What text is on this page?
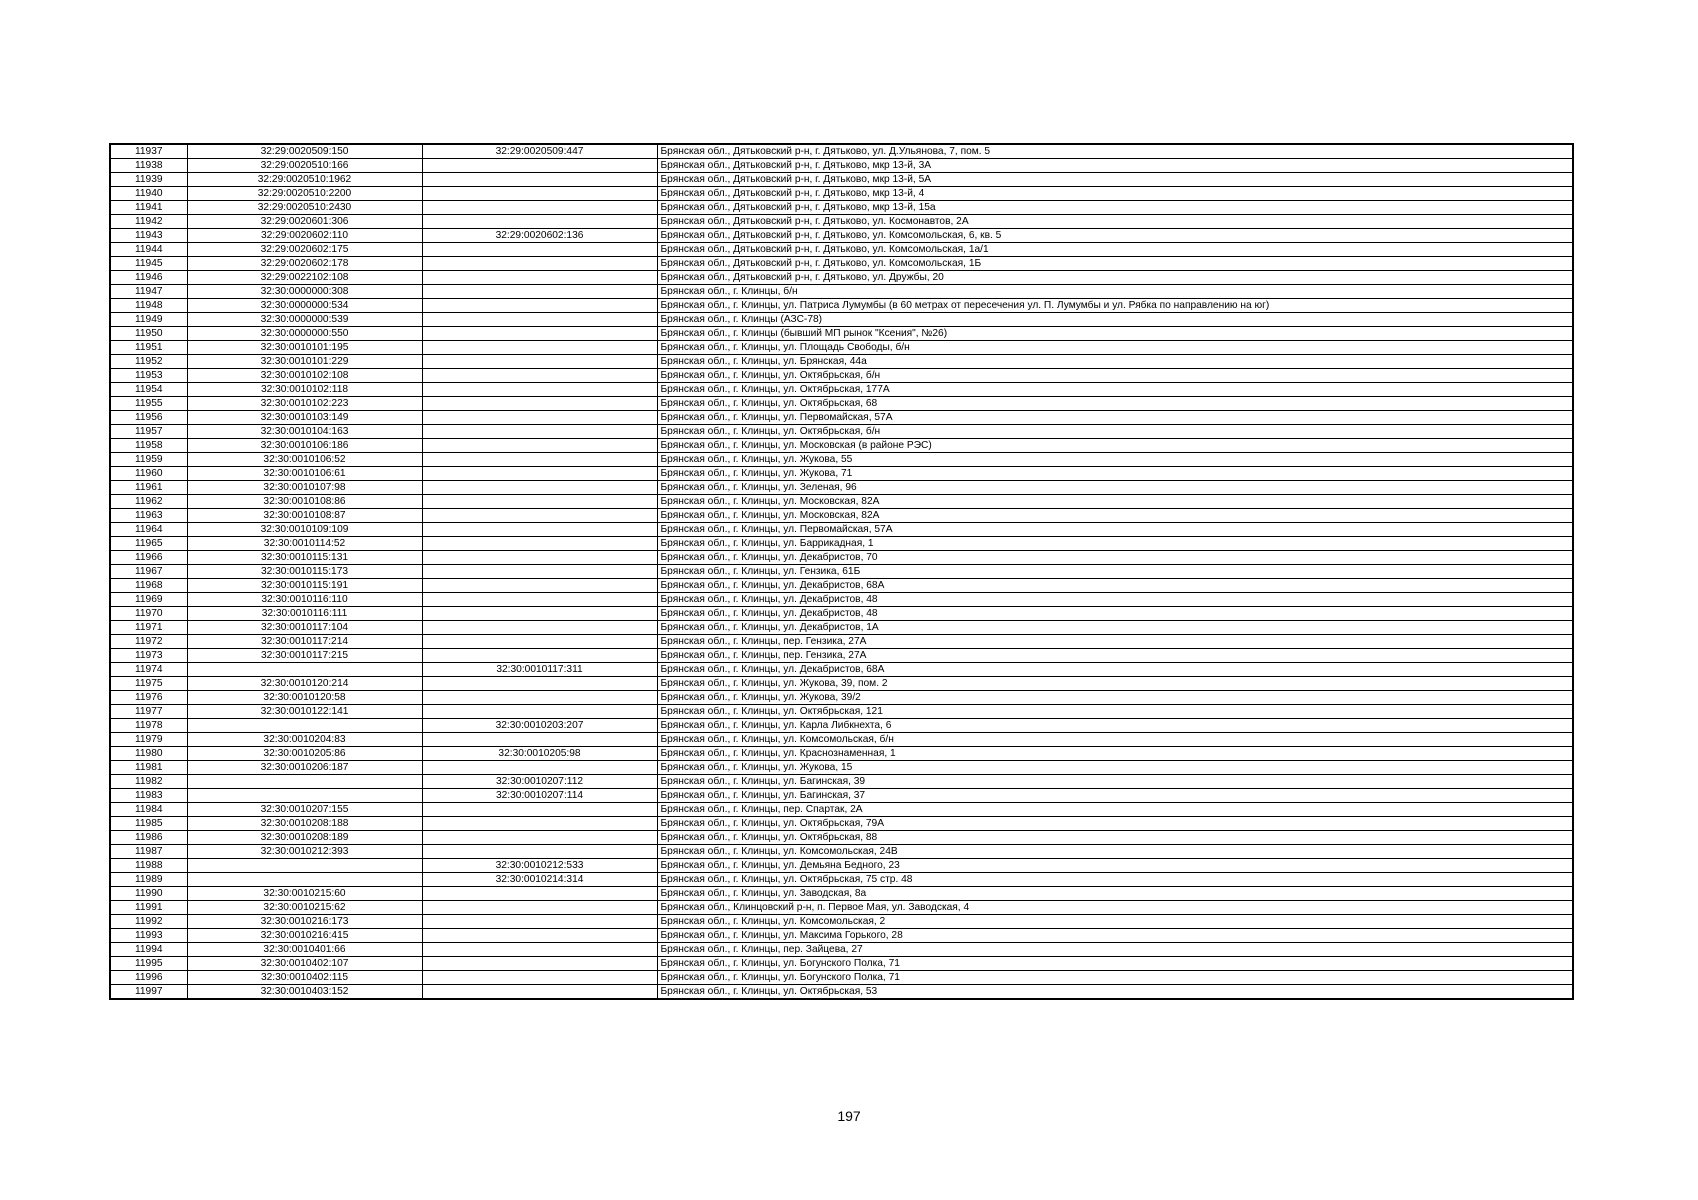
11937	32:29:0020509:150	32:29:0020509:447	Брянская обл., Дятьковский р-н, г. Дятьково, ул. Д.Ульянова, 7, пом. 5
11938	32:29:0020510:166		Брянская обл., Дятьковский р-н, г. Дятьково, мкр 13-й, 3А
11939	32:29:0020510:1962		Брянская обл., Дятьковский р-н, г. Дятьково, мкр 13-й, 5А
11940	32:29:0020510:2200		Брянская обл., Дятьковский р-н, г. Дятьково, мкр 13-й, 4
11941	32:29:0020510:2430		Брянская обл., Дятьковский р-н, г. Дятьково, мкр 13-й, 15а
11942	32:29:0020601:306		Брянская обл., Дятьковский р-н, г. Дятьково, ул. Космонавтов, 2А
11943	32:29:0020602:110	32:29:0020602:136	Брянская обл., Дятьковский р-н, г. Дятьково, ул. Комсомольская, 6, кв. 5
11944	32:29:0020602:175		Брянская обл., Дятьковский р-н, г. Дятьково, ул. Комсомольская, 1а/1
11945	32:29:0020602:178		Брянская обл., Дятьковский р-н, г. Дятьково, ул. Комсомольская, 1Б
11946	32:29:0022102:108		Брянская обл., Дятьковский р-н, г. Дятьково, ул. Дружбы, 20
11947	32:30:0000000:308		Брянская обл., г. Клинцы, б/н
11948	32:30:0000000:534		Брянская обл., г. Клинцы, ул. Патриса Лумумбы (в 60 метрах от пересечения ул. П. Лумумбы и ул. Рябка по направлению на юг)
11949	32:30:0000000:539		Брянская обл., г. Клинцы (АЗС-78)
11950	32:30:0000000:550		Брянская обл., г. Клинцы (бывший МП рынок "Ксения", №26)
11951	32:30:0010101:195		Брянская обл., г. Клинцы, ул. Площадь Свободы, б/н
11952	32:30:0010101:229		Брянская обл., г. Клинцы, ул. Брянская, 44а
11953	32:30:0010102:108		Брянская обл., г. Клинцы, ул. Октябрьская, б/н
11954	32:30:0010102:118		Брянская обл., г. Клинцы, ул. Октябрьская, 177А
11955	32:30:0010102:223		Брянская обл., г. Клинцы, ул. Октябрьская, 68
11956	32:30:0010103:149		Брянская обл., г. Клинцы, ул. Первомайская, 57А
11957	32:30:0010104:163		Брянская обл., г. Клинцы, ул. Октябрьская, б/н
11958	32:30:0010106:186		Брянская обл., г. Клинцы, ул. Московская (в районе РЭС)
11959	32:30:0010106:52		Брянская обл., г. Клинцы, ул. Жукова, 55
11960	32:30:0010106:61		Брянская обл., г. Клинцы, ул. Жукова, 71
11961	32:30:0010107:98		Брянская обл., г. Клинцы, ул. Зеленая, 96
11962	32:30:0010108:86		Брянская обл., г. Клинцы, ул. Московская, 82А
11963	32:30:0010108:87		Брянская обл., г. Клинцы, ул. Московская, 82А
11964	32:30:0010109:109		Брянская обл., г. Клинцы, ул. Первомайская, 57А
11965	32:30:0010114:52		Брянская обл., г. Клинцы, ул. Баррикадная, 1
11966	32:30:0010115:131		Брянская обл., г. Клинцы, ул. Декабристов, 70
11967	32:30:0010115:173		Брянская обл., г. Клинцы, ул. Гензика, 61Б
11968	32:30:0010115:191		Брянская обл., г. Клинцы, ул. Декабристов, 68А
11969	32:30:0010116:110		Брянская обл., г. Клинцы, ул. Декабристов, 48
11970	32:30:0010116:111		Брянская обл., г. Клинцы, ул. Декабристов, 48
11971	32:30:0010117:104		Брянская обл., г. Клинцы, ул. Декабристов, 1А
11972	32:30:0010117:214		Брянская обл., г. Клинцы, пер. Гензика, 27А
11973	32:30:0010117:215		Брянская обл., г. Клинцы, пер. Гензика, 27А
11974		32:30:0010117:311	Брянская обл., г. Клинцы, ул. Декабристов, 68А
11975	32:30:0010120:214		Брянская обл., г. Клинцы, ул. Жукова, 39, пом. 2
11976	32:30:0010120:58		Брянская обл., г. Клинцы, ул. Жукова, 39/2
11977	32:30:0010122:141		Брянская обл., г. Клинцы, ул. Октябрьская, 121
11978		32:30:0010203:207	Брянская обл., г. Клинцы, ул. Карла Либкнехта, 6
11979	32:30:0010204:83		Брянская обл., г. Клинцы, ул. Комсомольская, б/н
11980	32:30:0010205:86	32:30:0010205:98	Брянская обл., г. Клинцы, ул. Краснознаменная, 1
11981	32:30:0010206:187		Брянская обл., г. Клинцы, ул. Жукова, 15
11982		32:30:0010207:112	Брянская обл., г. Клинцы, ул. Багинская, 39
11983		32:30:0010207:114	Брянская обл., г. Клинцы, ул. Багинская, 37
11984	32:30:0010207:155		Брянская обл., г. Клинцы, пер. Спартак, 2А
11985	32:30:0010208:188		Брянская обл., г. Клинцы, ул. Октябрьская, 79А
11986	32:30:0010208:189		Брянская обл., г. Клинцы, ул. Октябрьская, 88
11987	32:30:0010212:393		Брянская обл., г. Клинцы, ул. Комсомольская, 24В
11988		32:30:0010212:533	Брянская обл., г. Клинцы, ул. Демьяна Бедного, 23
11989		32:30:0010214:314	Брянская обл., г. Клинцы, ул. Октябрьская, 75 стр. 48
11990	32:30:0010215:60		Брянская обл., г. Клинцы, ул. Заводская, 8а
11991	32:30:0010215:62		Брянская обл., Клинцовский р-н, п. Первое Мая, ул. Заводская, 4
11992	32:30:0010216:173		Брянская обл., г. Клинцы, ул. Комсомольская, 2
11993	32:30:0010216:415		Брянская обл., г. Клинцы, ул. Максима Горького, 28
11994	32:30:0010401:66		Брянская обл., г. Клинцы, пер. Зайцева, 27
11995	32:30:0010402:107		Брянская обл., г. Клинцы, ул. Богунского Полка, 71
11996	32:30:0010402:115		Брянская обл., г. Клинцы, ул. Богунского Полка, 71
11997	32:30:0010403:152		Брянская обл., г. Клинцы, ул. Октябрьская, 53
197
